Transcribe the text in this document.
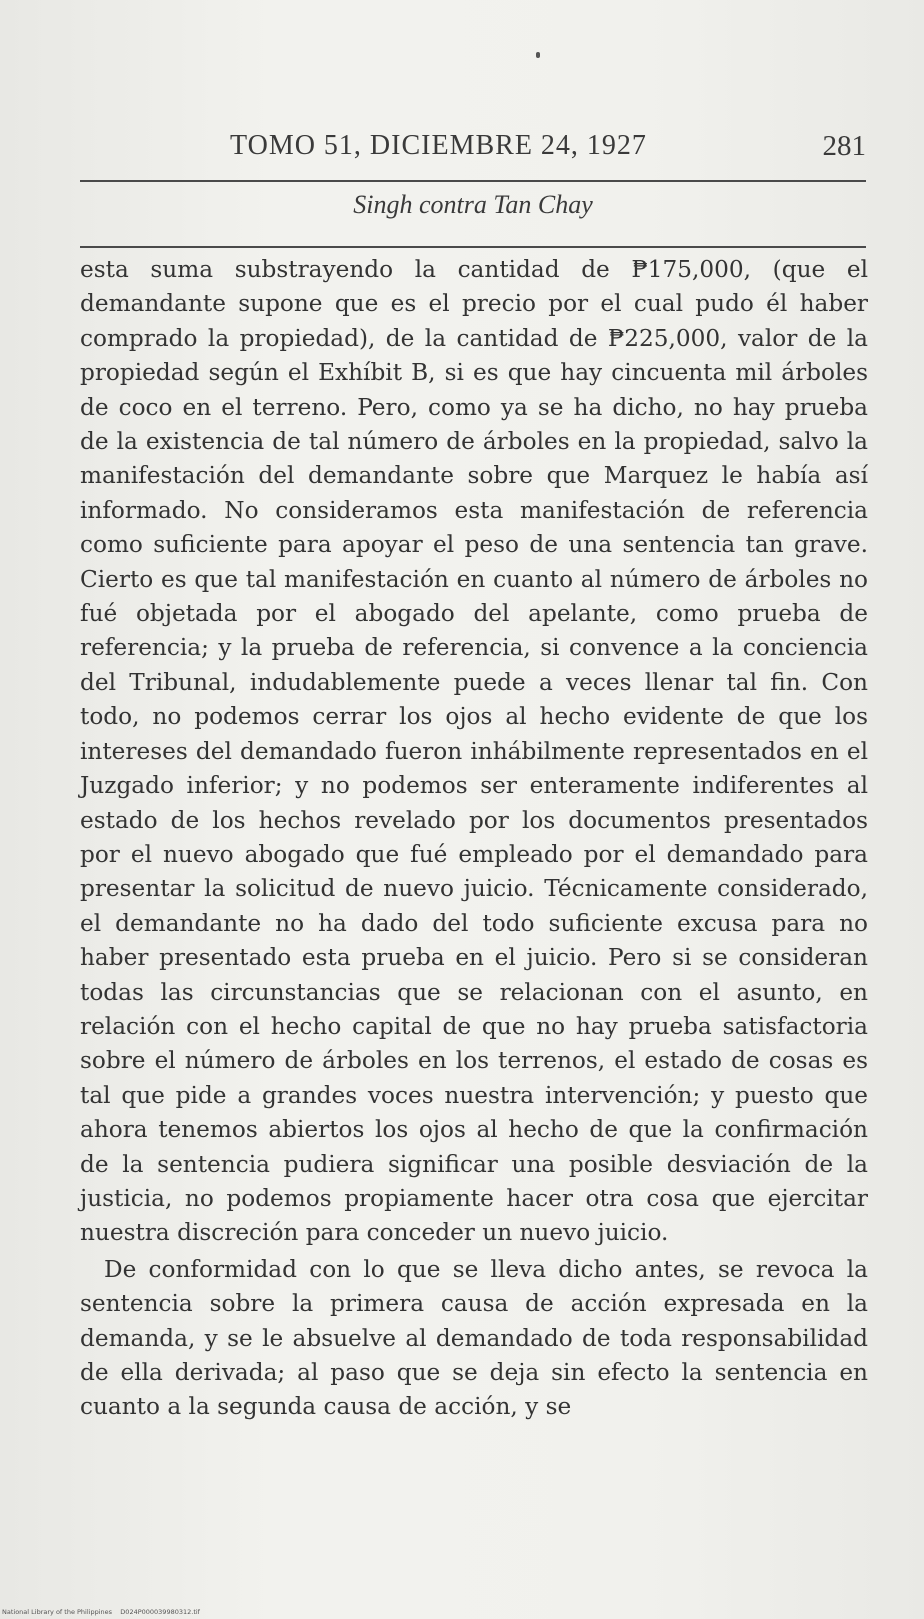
TOMO 51, DICIEMBRE 24, 1927	281
Singh contra Tan Chay

esta suma substrayendo la cantidad de ₱175,000, (que el demandante supone que es el precio por el cual pudo él haber comprado la propiedad), de la cantidad de ₱225,000, valor de la propiedad según el Exhíbit B, si es que hay cincuenta mil árboles de coco en el terreno. Pero, como ya se ha dicho, no hay prueba de la existencia de tal número de árboles en la propiedad, salvo la manifestación del demandante sobre que Marquez le había así informado. No consideramos esta manifestación de referencia como suficiente para apoyar el peso de una sentencia tan grave. Cierto es que tal manifestación en cuanto al número de árboles no fué objetada por el abogado del apelante, como prueba de referencia; y la prueba de referencia, si convence a la conciencia del Tribunal, indudablemente puede a veces llenar tal fin. Con todo, no podemos cerrar los ojos al hecho evidente de que los intereses del demandado fueron inhábilmente representados en el Juzgado inferior; y no podemos ser enteramente indiferentes al estado de los hechos revelado por los documentos presentados por el nuevo abogado que fué empleado por el demandado para presentar la solicitud de nuevo juicio. Técnicamente considerado, el demandante no ha dado del todo suficiente excusa para no haber presentado esta prueba en el juicio. Pero si se consideran todas las circunstancias que se relacionan con el asunto, en relación con el hecho capital de que no hay prueba satisfactoria sobre el número de árboles en los terrenos, el estado de cosas es tal que pide a grandes voces nuestra intervención; y puesto que ahora tenemos abiertos los ojos al hecho de que la confirmación de la sentencia pudiera significar una posible desviación de la justicia, no podemos propiamente hacer otra cosa que ejercitar nuestra discreción para conceder un nuevo juicio.

De conformidad con lo que se lleva dicho antes, se revoca la sentencia sobre la primera causa de acción expresada en la demanda, y se le absuelve al demandado de toda responsabilidad de ella derivada; al paso que se deja sin efecto la sentencia en cuanto a la segunda causa de acción, y se

National Library of the Philippines D024P000039980312.tif
